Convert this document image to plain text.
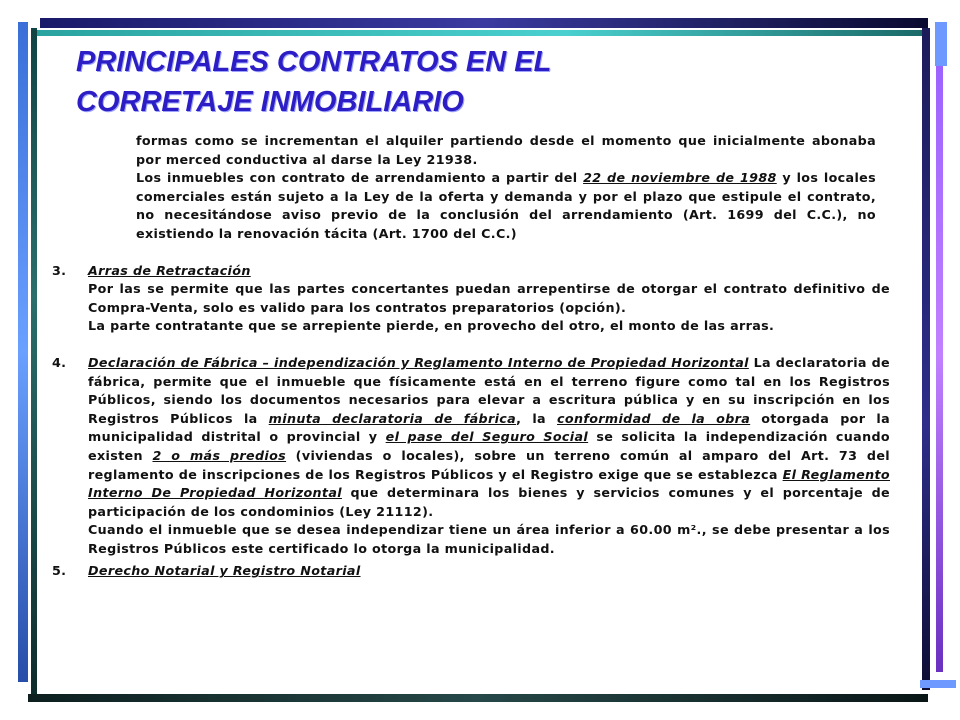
PRINCIPALES CONTRATOS EN EL
CORRETAJE INMOBILIARIO

formas como se incrementan el alquiler partiendo desde el momento que inicialmente abonaba por merced conductiva al darse la Ley 21938.

Los inmuebles con contrato de arrendamiento a partir del 22 de noviembre de 1988 y los locales comerciales están sujeto a la Ley de la oferta y demanda y por el plazo que estipule el contrato, no necesitándose aviso previo de la conclusión del arrendamiento (Art. 1699 del C.C.), no existiendo la renovación tácita (Art. 1700 del C.C.)

3. Arras de Retractación

Por las se permite que las partes concertantes puedan arrepentirse de otorgar el contrato definitivo de Compra-Venta, solo es valido para los contratos preparatorios (opción).

La parte contratante que se arrepiente pierde, en provecho del otro, el monto de las arras.

4. Declaración de Fábrica – independización y Reglamento Interno de Propiedad Horizontal La declaratoria de fábrica, permite que el inmueble que físicamente está en el terreno figure como tal en los Registros Públicos, siendo los documentos necesarios para elevar a escritura pública y en su inscripción en los Registros Públicos la minuta declaratoria de fábrica, la conformidad de la obra otorgada por la municipalidad distrital o provincial y el pase del Seguro Social se solicita la independización cuando existen 2 o más predios (viviendas o locales), sobre un terreno común al amparo del Art. 73 del reglamento de inscripciones de los Registros Públicos y el Registro exige que se establezca El Reglamento Interno De Propiedad Horizontal que determinara los bienes y servicios comunes y el porcentaje de participación de los condominios (Ley 21112).

Cuando el inmueble que se desea independizar tiene un área inferior a 60.00 m²., se debe presentar a los Registros Públicos este certificado lo otorga la municipalidad.

5. Derecho Notarial y Registro Notarial
